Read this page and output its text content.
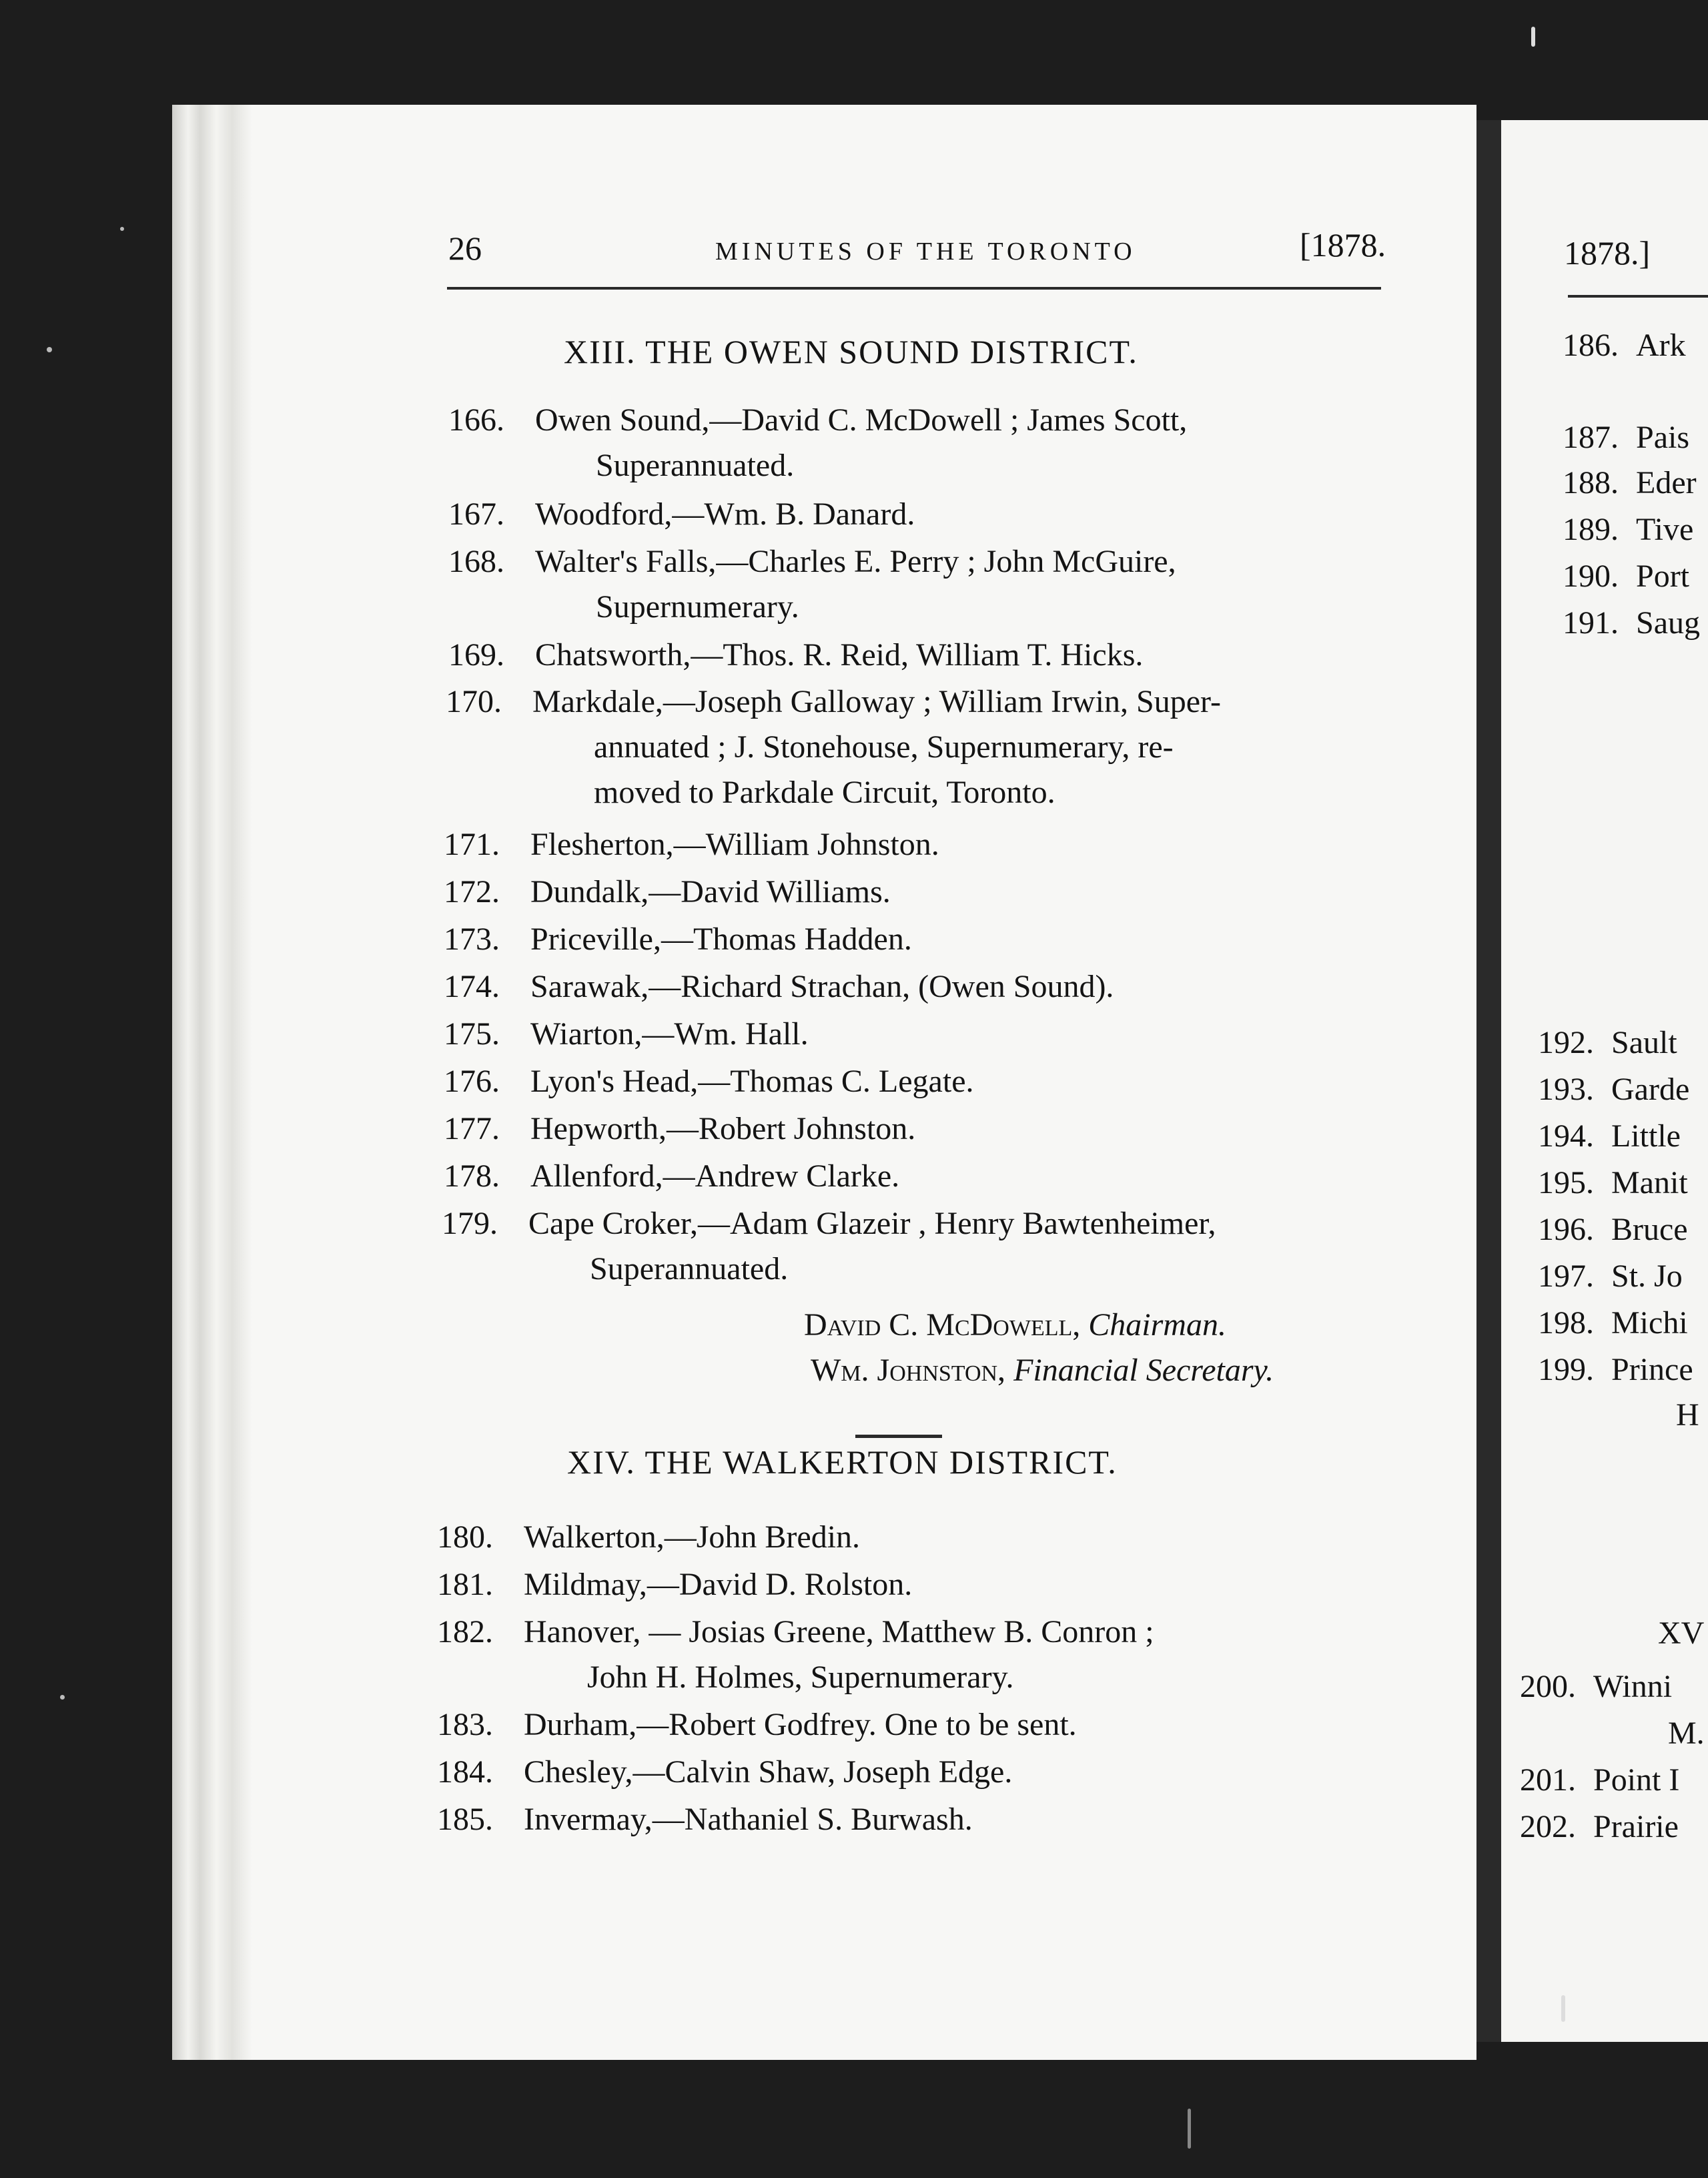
1878.]
186. Ark
187. Pais
188. Eder
189. Tive
190. Port
191. Saug
192. Sault
193. Garde
194. Little
195. Manit
196. Bruce
197. St. Jo
198. Michi
199. Prince
H
XV
200. Winni
M.
201. Point I
202. Prairie
26	MINUTES OF THE TORONTO	[1878.
XIII. THE OWEN SOUND DISTRICT.
166. Owen Sound,—David C. McDowell ; James Scott,
Superannuated.
167. Woodford,—Wm. B. Danard.
168. Walter's Falls,—Charles E. Perry ; John McGuire,
Supernumerary.
169. Chatsworth,—Thos. R. Reid, William T. Hicks.
170. Markdale,—Joseph Galloway ; William Irwin, Super-
annuated ; J. Stonehouse, Supernumerary, re-
moved to Parkdale Circuit, Toronto.
171. Flesherton,—William Johnston.
172. Dundalk,—David Williams.
173. Priceville,—Thomas Hadden.
174. Sarawak,—Richard Strachan, (Owen Sound).
175. Wiarton,—Wm. Hall.
176. Lyon's Head,—Thomas C. Legate.
177. Hepworth,—Robert Johnston.
178. Allenford,—Andrew Clarke.
179. Cape Croker,—Adam Glazeir , Henry Bawtenheimer,
Superannuated.
David C. McDowell, Chairman.
Wm. Johnston, Financial Secretary.
XIV. THE WALKERTON DISTRICT.
180. Walkerton,—John Bredin.
181. Mildmay,—David D. Rolston.
182. Hanover, — Josias Greene, Matthew B. Conron ;
John H. Holmes, Supernumerary.
183. Durham,—Robert Godfrey. One to be sent.
184. Chesley,—Calvin Shaw, Joseph Edge.
185. Invermay,—Nathaniel S. Burwash.
